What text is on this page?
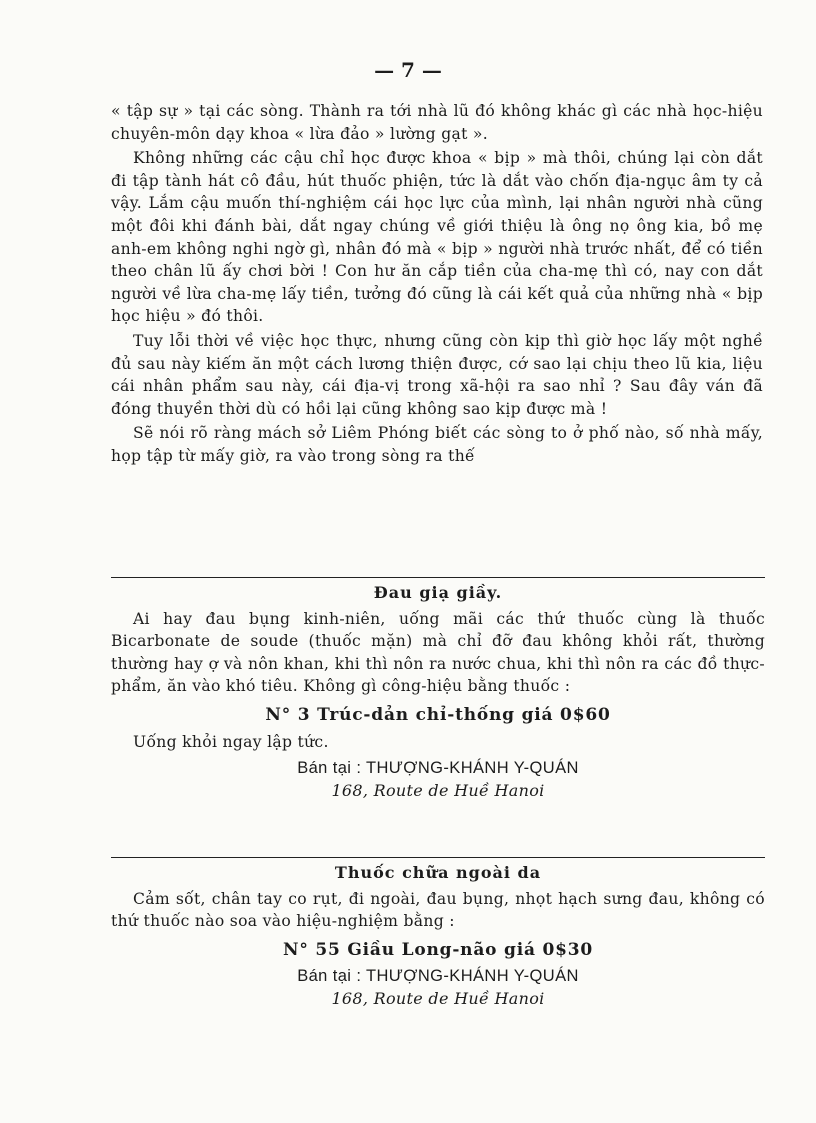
— 7 —

« tập sự » tại các sòng. Thành ra tới nhà lũ đó không khác gì các nhà học-hiệu chuyên-môn dạy khoa « lừa đảo » lường gạt ».

Không những các cậu chỉ học được khoa « bịp » mà thôi, chúng lại còn dắt đi tập tành hát cô đầu, hút thuốc phiện, tức là dắt vào chốn địa-ngục âm ty cả vậy. Lắm cậu muốn thí-nghiệm cái học lực của mình, lại nhân người nhà cũng một đôi khi đánh bài, dắt ngay chúng về giới thiệu là ông nọ ông kia, bồ mẹ anh-em không nghi ngờ gì, nhân đó mà « bịp » người nhà trước nhất, để có tiền theo chân lũ ấy chơi bời ! Con hư ăn cắp tiền của cha-mẹ thì có, nay con dắt người về lừa cha-mẹ lấy tiền, tưởng đó cũng là cái kết quả của những nhà « bịp học hiệu » đó thôi.

Tuy lỗi thời về việc học thực, nhưng cũng còn kịp thì giờ học lấy một nghề đủ sau này kiếm ăn một cách lương thiện được, cớ sao lại chịu theo lũ kia, liệu cái nhân phẩm sau này, cái địa-vị trong xã-hội ra sao nhỉ ? Sau đây ván đã đóng thuyền thời dù có hồi lại cũng không sao kịp được mà !

Sẽ nói rõ ràng mách sở Liêm Phóng biết các sòng to ở phố nào, số nhà mấy, họp tập từ mấy giờ, ra vào trong sòng ra thế

Đau giạ giầy.

Ai hay đau bụng kinh-niên, uống mãi các thứ thuốc cùng là thuốc Bicarbonate de soude (thuốc mặn) mà chỉ đỡ đau không khỏi rất, thường thường hay ợ và nôn khan, khi thì nôn ra nước chua, khi thì nôn ra các đồ thực-phẩm, ăn vào khó tiêu. Không gì công-hiệu bằng thuốc :

N° 3 Trúc-dản chỉ-thống giá 0$60

Uống khỏi ngay lập tức.

Bán tại : THƯỢNG-KHÁNH Y-QUÁN
168, Route de Huề Hanoi
Thuốc chữa ngoài da

Cảm sốt, chân tay co rụt, đi ngoài, đau bụng, nhọt hạch sưng đau, không có thứ thuốc nào soa vào hiệu-nghiệm bằng :

N° 55 Giầu Long-não giá 0$30
Bán tại : THƯỢNG-KHÁNH Y-QUÁN
168, Route de Huề Hanoi
